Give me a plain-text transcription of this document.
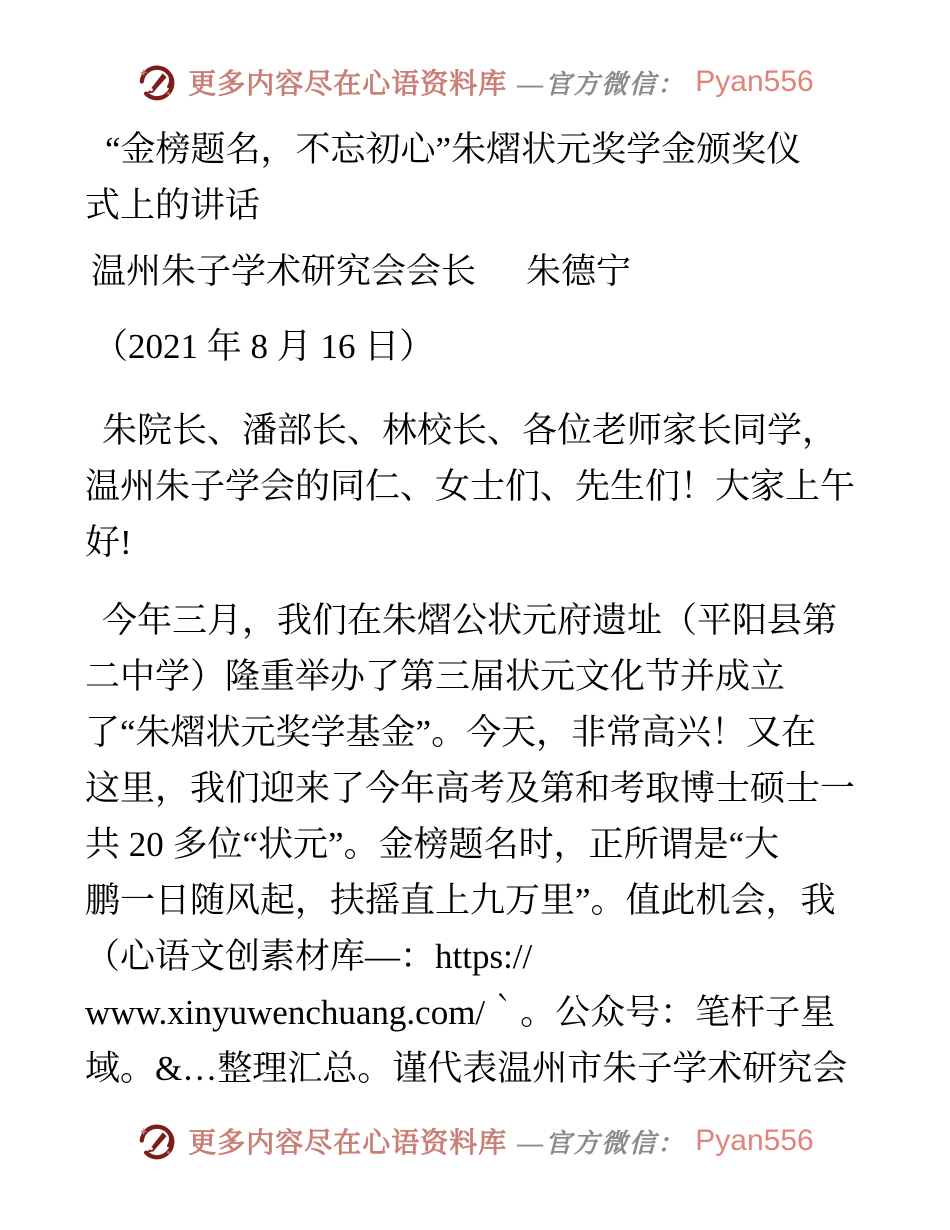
更多内容尽在心语资料库 —官方微信： Pyan556
“金榜题名，不忘初心”朱熠状元奖学金颁奖仪
式上的讲话
温州朱子学术研究会会长 朱德宁
（2021 年 8 月 16 日）
朱院长、潘部长、林校长、各位老师家长同学，
温州朱子学会的同仁、女士们、先生们！大家上午
好!
今年三月，我们在朱熠公状元府遗址（平阳县第
二中学）隆重举办了第三届状元文化节并成立
了“朱熠状元奖学基金”。今天，非常高兴！又在
这里，我们迎来了今年高考及第和考取博士硕士一
共 20 多位“状元”。金榜题名时，正所谓是“大
鹏一日随风起，扶摇直上九万里”。值此机会，我
（心语文创素材库—：https://
www.xinyuwenchuang.com/｀。公众号：笔杆子星
域。&…整理汇总。谨代表温州市朱子学术研究会
更多内容尽在心语资料库 —官方微信： Pyan556
